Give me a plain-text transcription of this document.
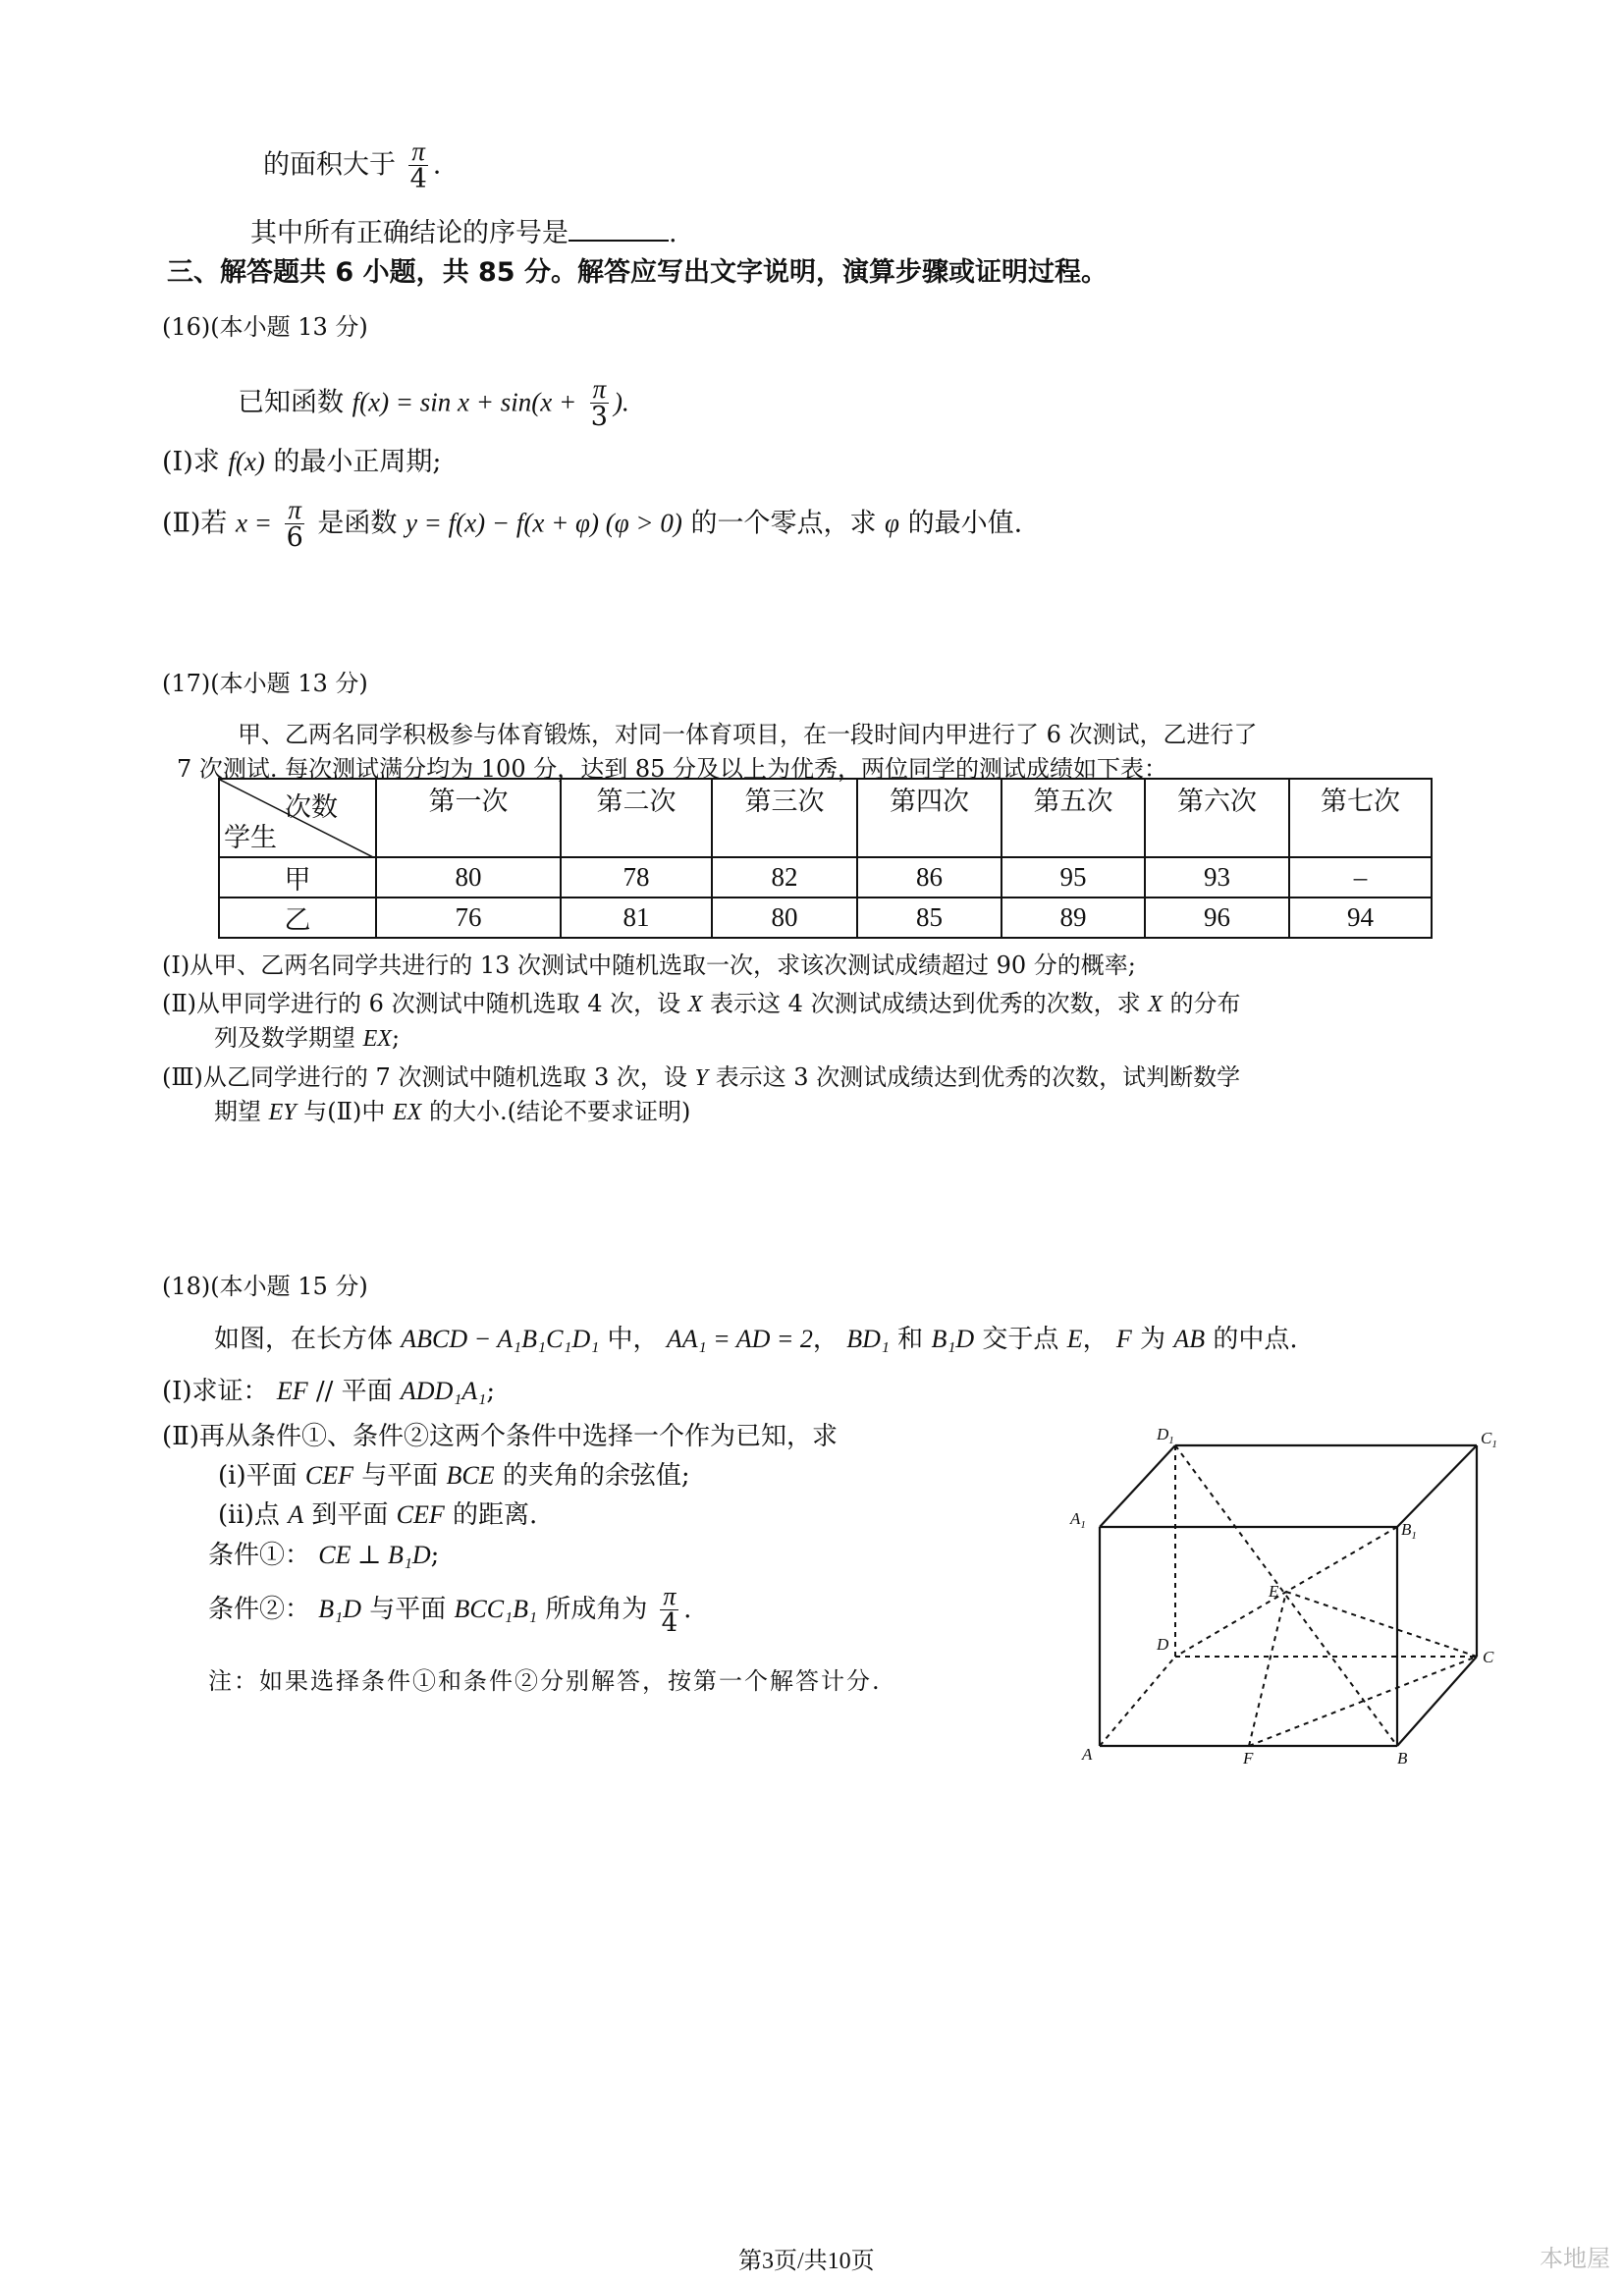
的面积大于 $\frac{\pi}{4}$ .
其中所有正确结论的序号是	.
三、解答题共 6 小题，共 85 分。解答应写出文字说明，演算步骤或证明过程。
(16)(本小题 13 分)
已知函数 $f(x) = \sin x + \sin(x + \frac{\pi}{3}$ ).
(Ⅰ)求 f(x) 的最小正周期;
(Ⅱ)若 $x = \frac{\pi}{6}$ 是函数 y = f(x) − f(x + φ) (φ > 0) 的一个零点，求 φ 的最小值.
(17)(本小题 13 分)
甲、乙两名同学积极参与体育锻炼，对同一体育项目，在一段时间内甲进行了 6 次测试，乙进行了
7 次测试. 每次测试满分均为 100 分，达到 85 分及以上为优秀，两位同学的测试成绩如下表：
次数
学生	第一次	第二次	第三次	第四次	第五次	第六次	第七次
甲	80	78	82	86	95	93	–
乙	76	81	80	85	89	96	94
(Ⅰ)从甲、乙两名同学共进行的 13 次测试中随机选取一次，求该次测试成绩超过 90 分的概率;
(Ⅱ)从甲同学进行的 6 次测试中随机选取 4 次，设 X 表示这 4 次测试成绩达到优秀的次数，求 X 的分布
列及数学期望 EX;
(Ⅲ)从乙同学进行的 7 次测试中随机选取 3 次，设 Y 表示这 3 次测试成绩达到优秀的次数，试判断数学
期望 EY 与(Ⅱ)中 EX 的大小.(结论不要求证明)
(18)(本小题 15 分)
如图，在长方体 ABCD − A₁B₁C₁D₁ 中， AA₁ = AD = 2， BD₁ 和 B₁D 交于点 E， F 为 AB 的中点.
(Ⅰ)求证： EF // 平面 ADD₁A₁;
(Ⅱ)再从条件①、条件②这两个条件中选择一个作为已知，求
(i)平面 CEF 与平面 BCE 的夹角的余弦值;
(ii)点 A 到平面 CEF 的距离.
条件①： CE ⊥ B₁D;
条件②： B₁D 与平面 BCC₁B₁ 所成角为 $\frac{\pi}{4}$ .
注：如果选择条件①和条件②分别解答，按第一个解答计分.
$D_1$	$C_1$
$A_1$	$B_1$
E
D
C
A	F	B
第3页/共10页	本地屋
